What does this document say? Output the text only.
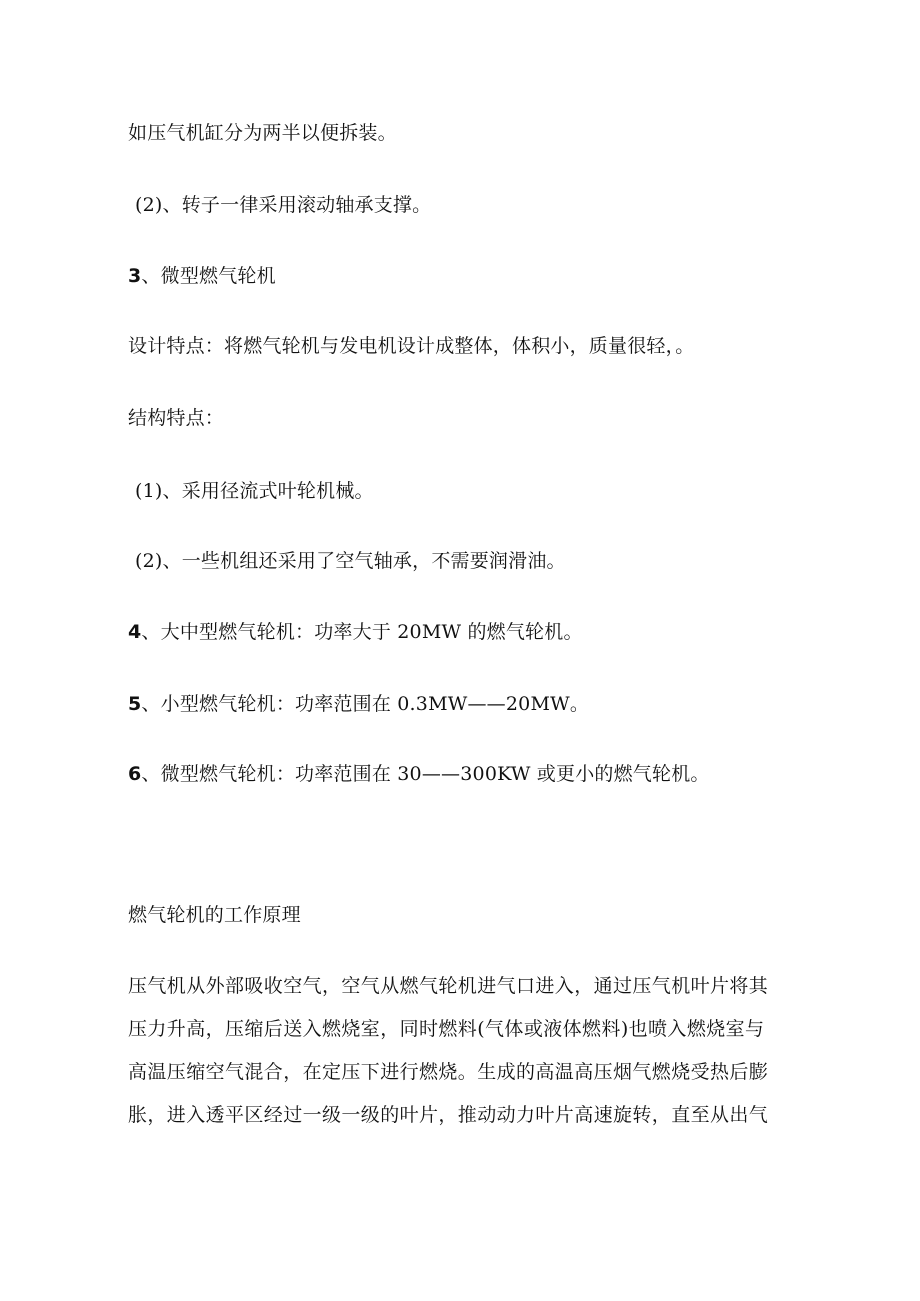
如压气机缸分为两半以便拆装。
(2)、转子一律采用滚动轴承支撑。
3、微型燃气轮机
设计特点：将燃气轮机与发电机设计成整体，体积小，质量很轻，。
结构特点：
(1)、采用径流式叶轮机械。
(2)、一些机组还采用了空气轴承，不需要润滑油。
4、大中型燃气轮机：功率大于 20MW 的燃气轮机。
5、小型燃气轮机：功率范围在 0.3MW——20MW。
6、微型燃气轮机：功率范围在 30——300KW 或更小的燃气轮机。
燃气轮机的工作原理
压气机从外部吸收空气，空气从燃气轮机进气口进入，通过压气机叶片将其
压力升高，压缩后送入燃烧室，同时燃料(气体或液体燃料)也喷入燃烧室与
高温压缩空气混合，在定压下进行燃烧。生成的高温高压烟气燃烧受热后膨
胀，进入透平区经过一级一级的叶片，推动动力叶片高速旋转，直至从出气
